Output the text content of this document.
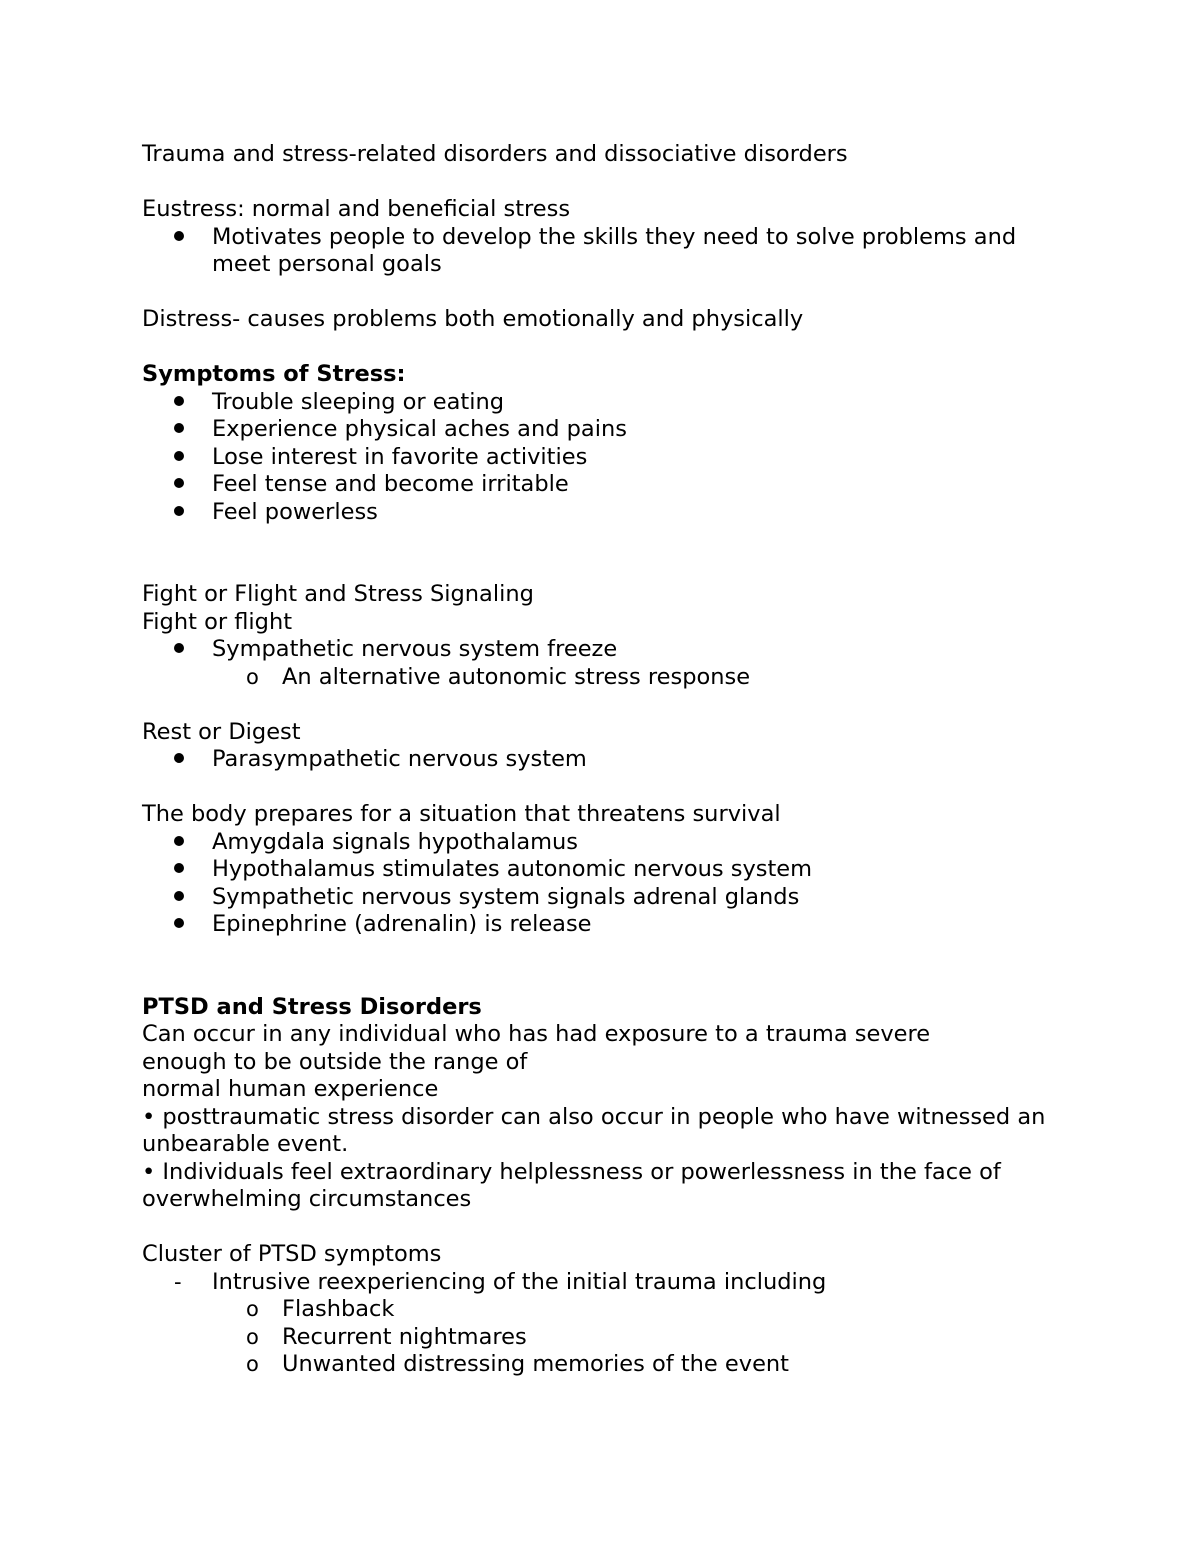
Trauma and stress-related disorders and dissociative disorders

Eustress: normal and beneficial stress

Motivates people to develop the skills they need to solve problems and meet personal goals

Distress- causes problems both emotionally and physically

Symptoms of Stress:

Trouble sleeping or eating

Experience physical aches and pains

Lose interest in favorite activities

Feel tense and become irritable

Feel powerless

Fight or Flight and Stress Signaling

Fight or flight

Sympathetic nervous system freeze

o An alternative autonomic stress response

Rest or Digest

Parasympathetic nervous system

The body prepares for a situation that threatens survival

Amygdala signals hypothalamus

Hypothalamus stimulates autonomic nervous system

Sympathetic nervous system signals adrenal glands

Epinephrine (adrenalin) is release

PTSD and Stress Disorders

Can occur in any individual who has had exposure to a trauma severe

enough to be outside the range of

normal human experience

• posttraumatic stress disorder can also occur in people who have witnessed an unbearable event.

• Individuals feel extraordinary helplessness or powerlessness in the face of overwhelming circumstances

Cluster of PTSD symptoms

- Intrusive reexperiencing of the initial trauma including

o Flashback

o Recurrent nightmares

o Unwanted distressing memories of the event
